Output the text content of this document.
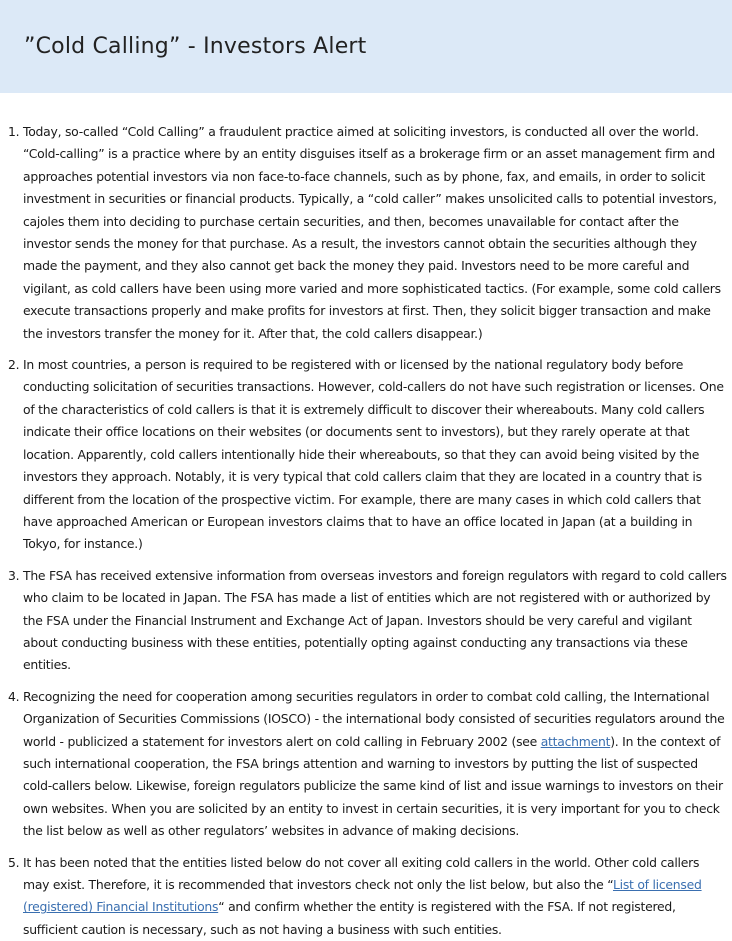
”Cold Calling” - Investors Alert
1. Today, so-called “Cold Calling” a fraudulent practice aimed at soliciting investors, is conducted all over the world. “Cold-calling” is a practice where by an entity disguises itself as a brokerage firm or an asset management firm and approaches potential investors via non face-to-face channels, such as by phone, fax, and emails, in order to solicit investment in securities or financial products. Typically, a “cold caller” makes unsolicited calls to potential investors, cajoles them into deciding to purchase certain securities, and then, becomes unavailable for contact after the investor sends the money for that purchase. As a result, the investors cannot obtain the securities although they made the payment, and they also cannot get back the money they paid. Investors need to be more careful and vigilant, as cold callers have been using more varied and more sophisticated tactics. (For example, some cold callers execute transactions properly and make profits for investors at first. Then, they solicit bigger transaction and make the investors transfer the money for it. After that, the cold callers disappear.)
2. In most countries, a person is required to be registered with or licensed by the national regulatory body before conducting solicitation of securities transactions. However, cold-callers do not have such registration or licenses. One of the characteristics of cold callers is that it is extremely difficult to discover their whereabouts. Many cold callers indicate their office locations on their websites (or documents sent to investors), but they rarely operate at that location. Apparently, cold callers intentionally hide their whereabouts, so that they can avoid being visited by the investors they approach. Notably, it is very typical that cold callers claim that they are located in a country that is different from the location of the prospective victim. For example, there are many cases in which cold callers that have approached American or European investors claims that to have an office located in Japan (at a building in Tokyo, for instance.)
3. The FSA has received extensive information from overseas investors and foreign regulators with regard to cold callers who claim to be located in Japan. The FSA has made a list of entities which are not registered with or authorized by the FSA under the Financial Instrument and Exchange Act of Japan. Investors should be very careful and vigilant about conducting business with these entities, potentially opting against conducting any transactions via these entities.
4. Recognizing the need for cooperation among securities regulators in order to combat cold calling, the International Organization of Securities Commissions (IOSCO) - the international body consisted of securities regulators around the world - publicized a statement for investors alert on cold calling in February 2002 (see attachment). In the context of such international cooperation, the FSA brings attention and warning to investors by putting the list of suspected cold-callers below. Likewise, foreign regulators publicize the same kind of list and issue warnings to investors on their own websites. When you are solicited by an entity to invest in certain securities, it is very important for you to check the list below as well as other regulators’ websites in advance of making decisions.
5. It has been noted that the entities listed below do not cover all exiting cold callers in the world. Other cold callers may exist. Therefore, it is recommended that investors check not only the list below, but also the “List of licensed (registered) Financial Institutions“ and confirm whether the entity is registered with the FSA. If not registered, sufficient caution is necessary, such as not having a business with such entities.
